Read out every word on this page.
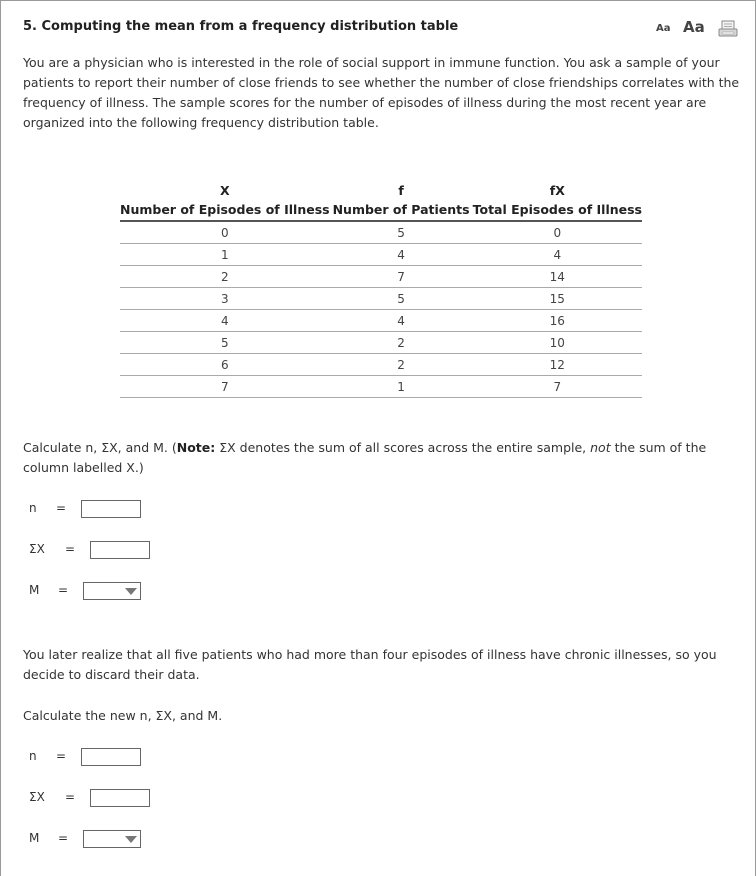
5. Computing the mean from a frequency distribution table	Aa Aa

You are a physician who is interested in the role of social support in immune function. You ask a sample of your patients to report their number of close friends to see whether the number of close friendships correlates with the frequency of illness. The sample scores for the number of episodes of illness during the most recent year are organized into the following frequency distribution table.

X	f	fX
Number of Episodes of Illness	Number of Patients	Total Episodes of Illness
0	5	0
1	4	4
2	7	14
3	5	15
4	4	16
5	2	10
6	2	12
7	1	7

Calculate n, ΣX, and M. (Note: ΣX denotes the sum of all scores across the entire sample, not the sum of the column labelled X.)

n =
ΣX =
M =

You later realize that all five patients who had more than four episodes of illness have chronic illnesses, so you decide to discard their data.

Calculate the new n, ΣX, and M.

n =
ΣX =
M =
